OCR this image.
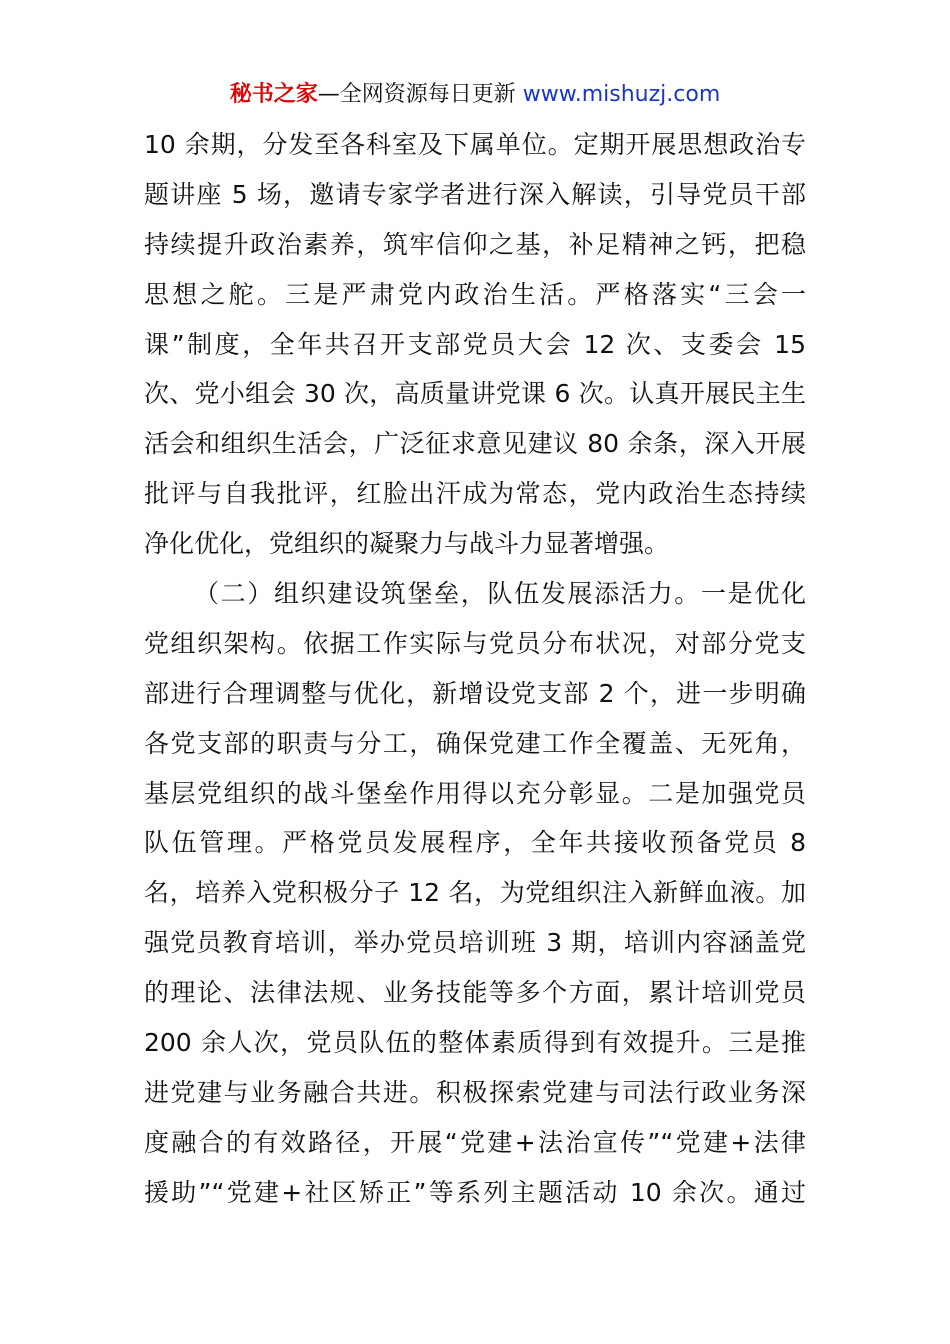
秘书之家—全网资源每日更新 www.mishuzj.com
10 余期，分发至各科室及下属单位。定期开展思想政治专
题讲座 5 场，邀请专家学者进行深入解读，引导党员干部
持续提升政治素养，筑牢信仰之基，补足精神之钙，把稳
思想之舵。三是严肃党内政治生活。严格落实“三会一
课”制度，全年共召开支部党员大会 12 次、支委会 15
次、党小组会 30 次，高质量讲党课 6 次。认真开展民主生
活会和组织生活会，广泛征求意见建议 80 余条，深入开展
批评与自我批评，红脸出汗成为常态，党内政治生态持续
净化优化，党组织的凝聚力与战斗力显著增强。
（二）组织建设筑堡垒，队伍发展添活力。一是优化
党组织架构。依据工作实际与党员分布状况，对部分党支
部进行合理调整与优化，新增设党支部 2 个，进一步明确
各党支部的职责与分工，确保党建工作全覆盖、无死角，
基层党组织的战斗堡垒作用得以充分彰显。二是加强党员
队伍管理。严格党员发展程序，全年共接收预备党员 8
名，培养入党积极分子 12 名，为党组织注入新鲜血液。加
强党员教育培训，举办党员培训班 3 期，培训内容涵盖党
的理论、法律法规、业务技能等多个方面，累计培训党员
200 余人次，党员队伍的整体素质得到有效提升。三是推
进党建与业务融合共进。积极探索党建与司法行政业务深
度融合的有效路径，开展“党建+法治宣传”“党建+法律
援助”“党建+社区矫正”等系列主题活动 10 余次。通过
